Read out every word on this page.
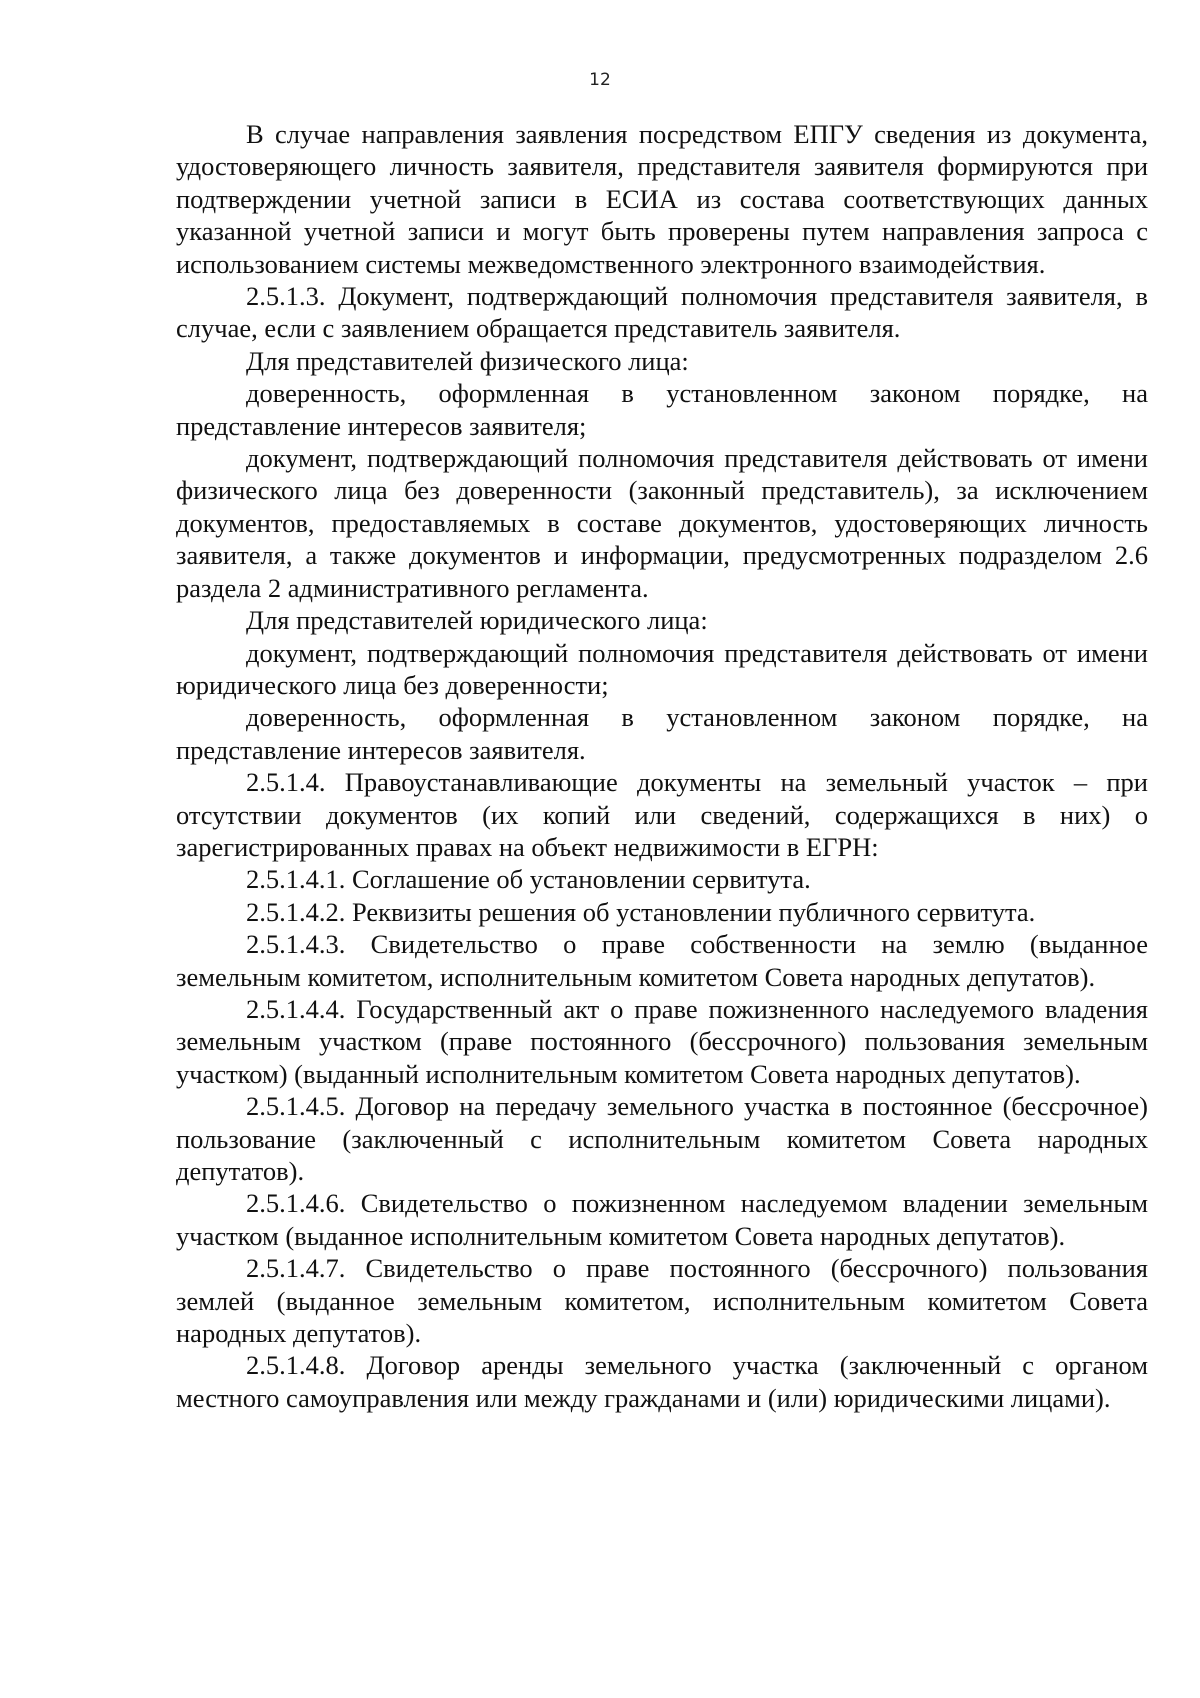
12

В случае направления заявления посредством ЕПГУ сведения из документа, удостоверяющего личность заявителя, представителя заявителя формируются при подтверждении учетной записи в ЕСИА из состава соответствующих данных указанной учетной записи и могут быть проверены путем направления запроса с использованием системы межведомственного электронного взаимодействия.

2.5.1.3. Документ, подтверждающий полномочия представителя заявителя, в случае, если с заявлением обращается представитель заявителя.

Для представителей физического лица:

доверенность, оформленная в установленном законом порядке, на представление интересов заявителя;

документ, подтверждающий полномочия представителя действовать от имени физического лица без доверенности (законный представитель), за исключением документов, предоставляемых в составе документов, удостоверяющих личность заявителя, а также документов и информации, предусмотренных подразделом 2.6 раздела 2 административного регламента.

Для представителей юридического лица:

документ, подтверждающий полномочия представителя действовать от имени юридического лица без доверенности;

доверенность, оформленная в установленном законом порядке, на представление интересов заявителя.

2.5.1.4. Правоустанавливающие документы на земельный участок – при отсутствии документов (их копий или сведений, содержащихся в них) о зарегистрированных правах на объект недвижимости в ЕГРН:

2.5.1.4.1. Соглашение об установлении сервитута.

2.5.1.4.2. Реквизиты решения об установлении публичного сервитута.

2.5.1.4.3. Свидетельство о праве собственности на землю (выданное земельным комитетом, исполнительным комитетом Совета народных депутатов).

2.5.1.4.4. Государственный акт о праве пожизненного наследуемого владения земельным участком (праве постоянного (бессрочного) пользования земельным участком) (выданный исполнительным комитетом Совета народных депутатов).

2.5.1.4.5. Договор на передачу земельного участка в постоянное (бессрочное) пользование (заключенный с исполнительным комитетом Совета народных депутатов).

2.5.1.4.6. Свидетельство о пожизненном наследуемом владении земельным участком (выданное исполнительным комитетом Совета народных депутатов).

2.5.1.4.7. Свидетельство о праве постоянного (бессрочного) пользования землей (выданное земельным комитетом, исполнительным комитетом Совета народных депутатов).

2.5.1.4.8. Договор аренды земельного участка (заключенный с органом местного самоуправления или между гражданами и (или) юридическими лицами).
